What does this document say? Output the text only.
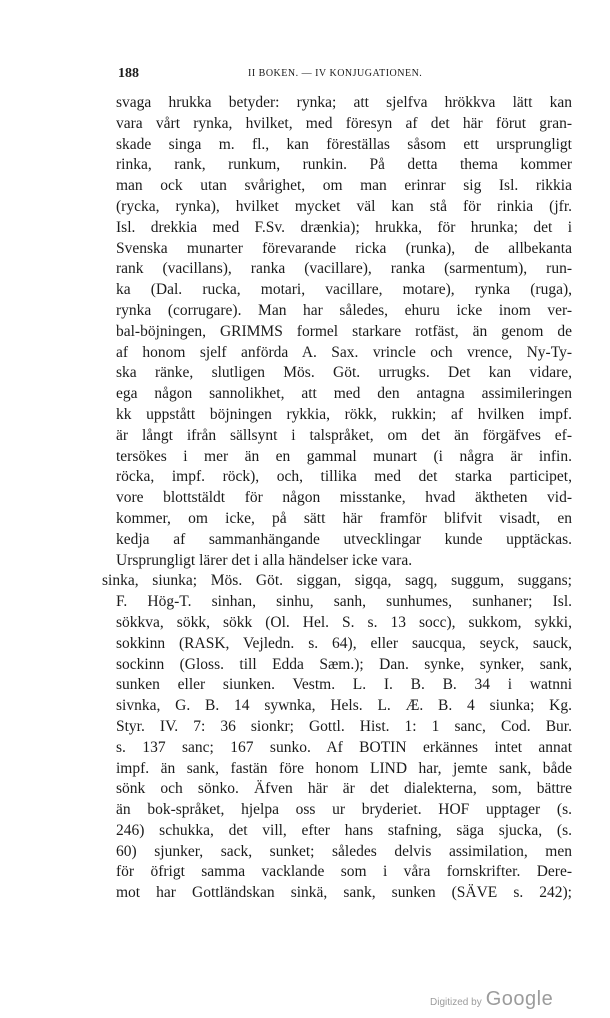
188	II BOKEN. — IV KONJUGATIONEN.
svaga hrukka betyder: rynka; att sjelfva hrökkva lätt kan
vara vårt rynka, hvilket, med föresyn af det här förut gran-
skade singa m. fl., kan föreställas såsom ett ursprungligt
rinka, rank, runkum, runkin. På detta thema kommer
man ock utan svårighet, om man erinrar sig Isl. rikkia
(rycka, rynka), hvilket mycket väl kan stå för rinkia (jfr.
Isl. drekkia med F.Sv. drænkia); hrukka, för hrunka; det i
Svenska munarter förevarande ricka (runka), de allbekanta
rank (vacillans), ranka (vacillare), ranka (sarmentum), run-
ka (Dal. rucka, motari, vacillare, motare), rynka (ruga),
rynka (corrugare). Man har således, ehuru icke inom ver-
bal-böjningen, GRIMMS formel starkare rotfäst, än genom de
af honom sjelf anförda A. Sax. vrincle och vrence, Ny-Ty-
ska ränke, slutligen Mös. Göt. urrugks. Det kan vidare,
ega någon sannolikhet, att med den antagna assimileringen
kk uppstått böjningen rykkia, rökk, rukkin; af hvilken impf.
är långt ifrån sällsynt i talspråket, om det än förgäfves ef-
tersökes i mer än en gammal munart (i några är infin.
röcka, impf. röck), och, tillika med det starka participet,
vore blottstäldt för någon misstanke, hvad äktheten vid-
kommer, om icke, på sätt här framför blifvit visadt, en
kedja af sammanhängande utvecklingar kunde upptäckas.
Ursprungligt lärer det i alla händelser icke vara.
sinka, siunka; Mös. Göt. siggan, sigqa, sagq, suggum, suggans;
F. Hög-T. sinhan, sinhu, sanh, sunhumes, sunhaner; Isl.
sökkva, sökk, sökk (Ol. Hel. S. s. 13 socc), sukkom, sykki,
sokkinn (RASK, Vejledn. s. 64), eller saucqua, seyck, sauck,
sockinn (Gloss. till Edda Sæm.); Dan. synke, synker, sank,
sunken eller siunken. Vestm. L. I. B. B. 34 i watnni
sivnka, G. B. 14 sywnka, Hels. L. Æ. B. 4 siunka; Kg.
Styr. IV. 7: 36 sionkr; Gottl. Hist. 1: 1 sanc, Cod. Bur.
s. 137 sanc; 167 sunko. Af BOTIN erkännes intet annat
impf. än sank, fastän före honom LIND har, jemte sank, både
sönk och sönko. Äfven här är det dialekterna, som, bättre
än bok-språket, hjelpa oss ur bryderiet. HOF upptager (s.
246) schukka, det vill, efter hans stafning, säga sjucka, (s.
60) sjunker, sack, sunket; således delvis assimilation, men
för öfrigt samma vacklande som i våra fornskrifter. Dere-
mot har Gottländskan sinkä, sank, sunken (SÄVE s. 242);
Digitized by Google
